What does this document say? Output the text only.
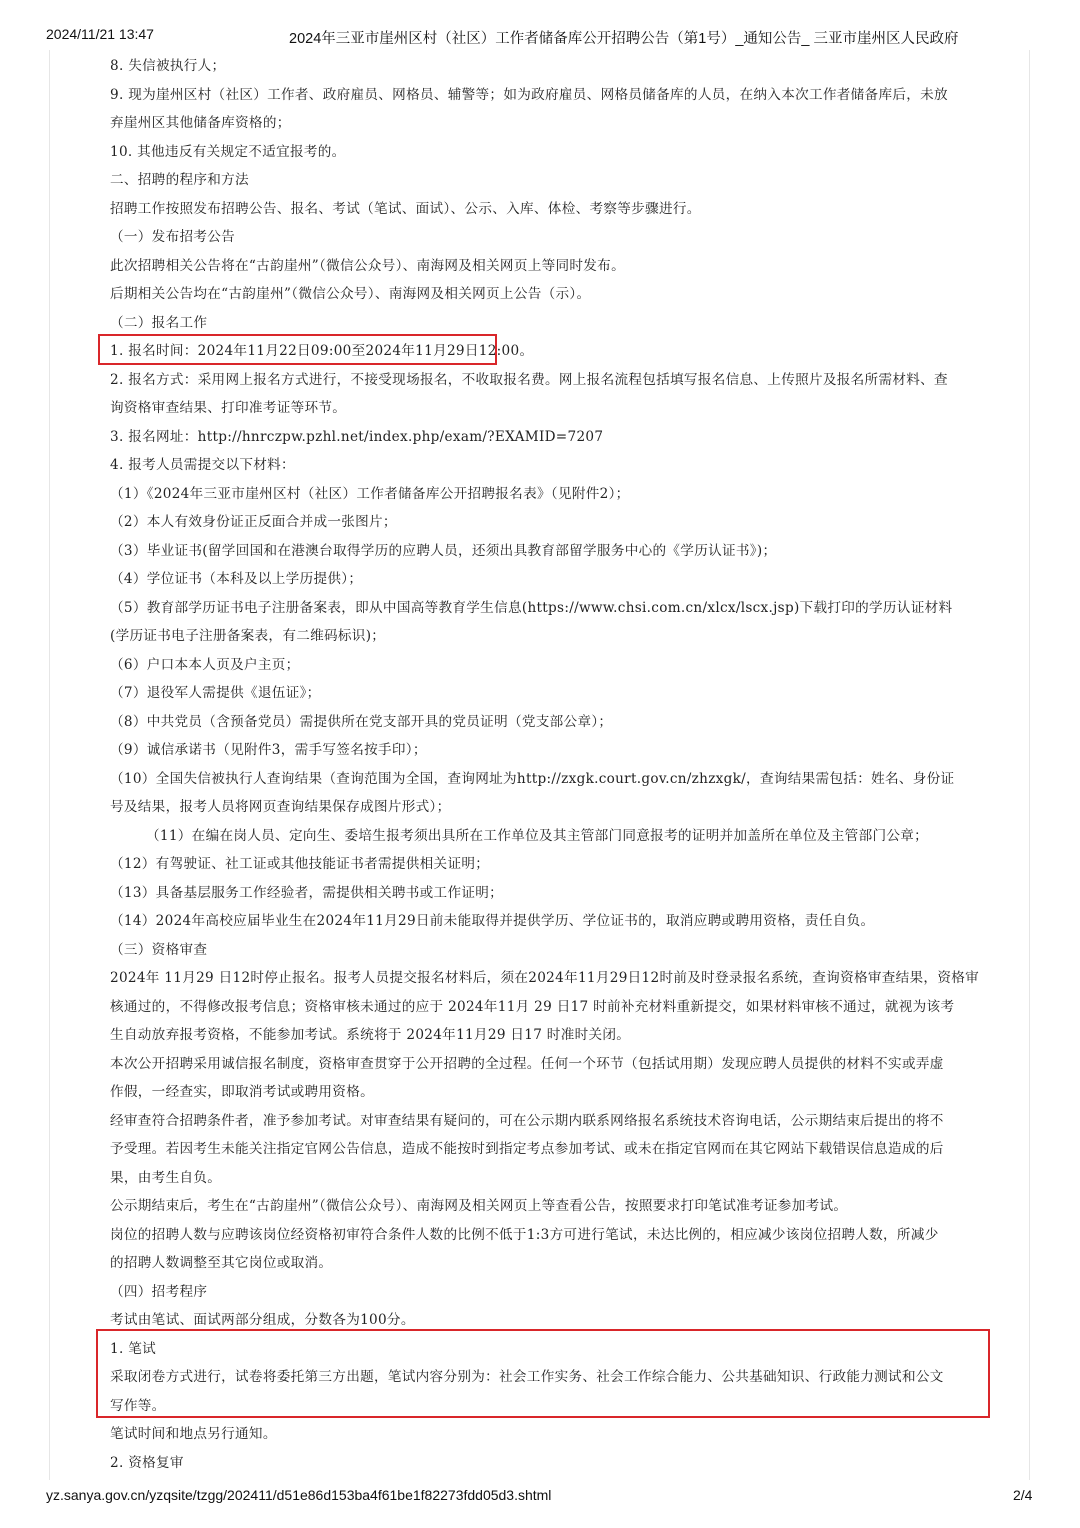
2024/11/21 13:47	2024年三亚市崖州区村（社区）工作者储备库公开招聘公告（第1号）_通知公告_ 三亚市崖州区人民政府
8. 失信被执行人；
9. 现为崖州区村（社区）工作者、政府雇员、网格员、辅警等；如为政府雇员、网格员储备库的人员，在纳入本次工作者储备库后，未放
弃崖州区其他储备库资格的；
10. 其他违反有关规定不适宜报考的。
二、招聘的程序和方法
招聘工作按照发布招聘公告、报名、考试（笔试、面试）、公示、入库、体检、考察等步骤进行。
（一）发布招考公告
此次招聘相关公告将在“古韵崖州”（微信公众号）、南海网及相关网页上等同时发布。
后期相关公告均在“古韵崖州”（微信公众号）、南海网及相关网页上公告（示）。
（二）报名工作
1. 报名时间：2024年11月22日09:00至2024年11月29日12:00。
2. 报名方式：采用网上报名方式进行，不接受现场报名，不收取报名费。网上报名流程包括填写报名信息、上传照片及报名所需材料、查
询资格审查结果、打印准考证等环节。
3. 报名网址：http://hnrczpw.pzhl.net/index.php/exam/?EXAMID=7207
4. 报考人员需提交以下材料：
（1）《2024年三亚市崖州区村（社区）工作者储备库公开招聘报名表》（见附件2）；
（2）本人有效身份证正反面合并成一张图片；
（3）毕业证书(留学回国和在港澳台取得学历的应聘人员，还须出具教育部留学服务中心的《学历认证书》)；
（4）学位证书（本科及以上学历提供）；
（5）教育部学历证书电子注册备案表，即从中国高等教育学生信息(https://www.chsi.com.cn/xlcx/lscx.jsp)下载打印的学历认证材料
(学历证书电子注册备案表，有二维码标识)；
（6）户口本本人页及户主页；
（7）退役军人需提供《退伍证》；
（8）中共党员（含预备党员）需提供所在党支部开具的党员证明（党支部公章）；
（9）诚信承诺书（见附件3，需手写签名按手印）；
（10）全国失信被执行人查询结果（查询范围为全国，查询网址为http://zxgk.court.gov.cn/zhzxgk/，查询结果需包括：姓名、身份证
号及结果，报考人员将网页查询结果保存成图片形式）；
（11）在编在岗人员、定向生、委培生报考须出具所在工作单位及其主管部门同意报考的证明并加盖所在单位及主管部门公章；
（12）有驾驶证、社工证或其他技能证书者需提供相关证明；
（13）具备基层服务工作经验者，需提供相关聘书或工作证明；
（14）2024年高校应届毕业生在2024年11月29日前未能取得并提供学历、学位证书的，取消应聘或聘用资格，责任自负。
（三）资格审查
2024年 11月29 日12时停止报名。报考人员提交报名材料后，须在2024年11月29日12时前及时登录报名系统，查询资格审查结果，资格审
核通过的，不得修改报考信息；资格审核未通过的应于 2024年11月 29 日17 时前补充材料重新提交，如果材料审核不通过，就视为该考
生自动放弃报考资格，不能参加考试。系统将于 2024年11月29 日17 时准时关闭。
本次公开招聘采用诚信报名制度，资格审查贯穿于公开招聘的全过程。任何一个环节（包括试用期）发现应聘人员提供的材料不实或弄虚
作假，一经查实，即取消考试或聘用资格。
经审查符合招聘条件者，准予参加考试。对审查结果有疑问的，可在公示期内联系网络报名系统技术咨询电话，公示期结束后提出的将不
予受理。若因考生未能关注指定官网公告信息，造成不能按时到指定考点参加考试、或未在指定官网而在其它网站下载错误信息造成的后
果，由考生自负。
公示期结束后，考生在“古韵崖州”（微信公众号）、南海网及相关网页上等查看公告，按照要求打印笔试准考证参加考试。
岗位的招聘人数与应聘该岗位经资格初审符合条件人数的比例不低于1:3方可进行笔试，未达比例的，相应减少该岗位招聘人数，所减少
的招聘人数调整至其它岗位或取消。
（四）招考程序
考试由笔试、面试两部分组成，分数各为100分。
1. 笔试
采取闭卷方式进行，试卷将委托第三方出题，笔试内容分别为：社会工作实务、社会工作综合能力、公共基础知识、行政能力测试和公文
写作等。
笔试时间和地点另行通知。
2. 资格复审
yz.sanya.gov.cn/yzqsite/tzgg/202411/d51e86d153ba4f61be1f82273fdd05d3.shtml	2/4
